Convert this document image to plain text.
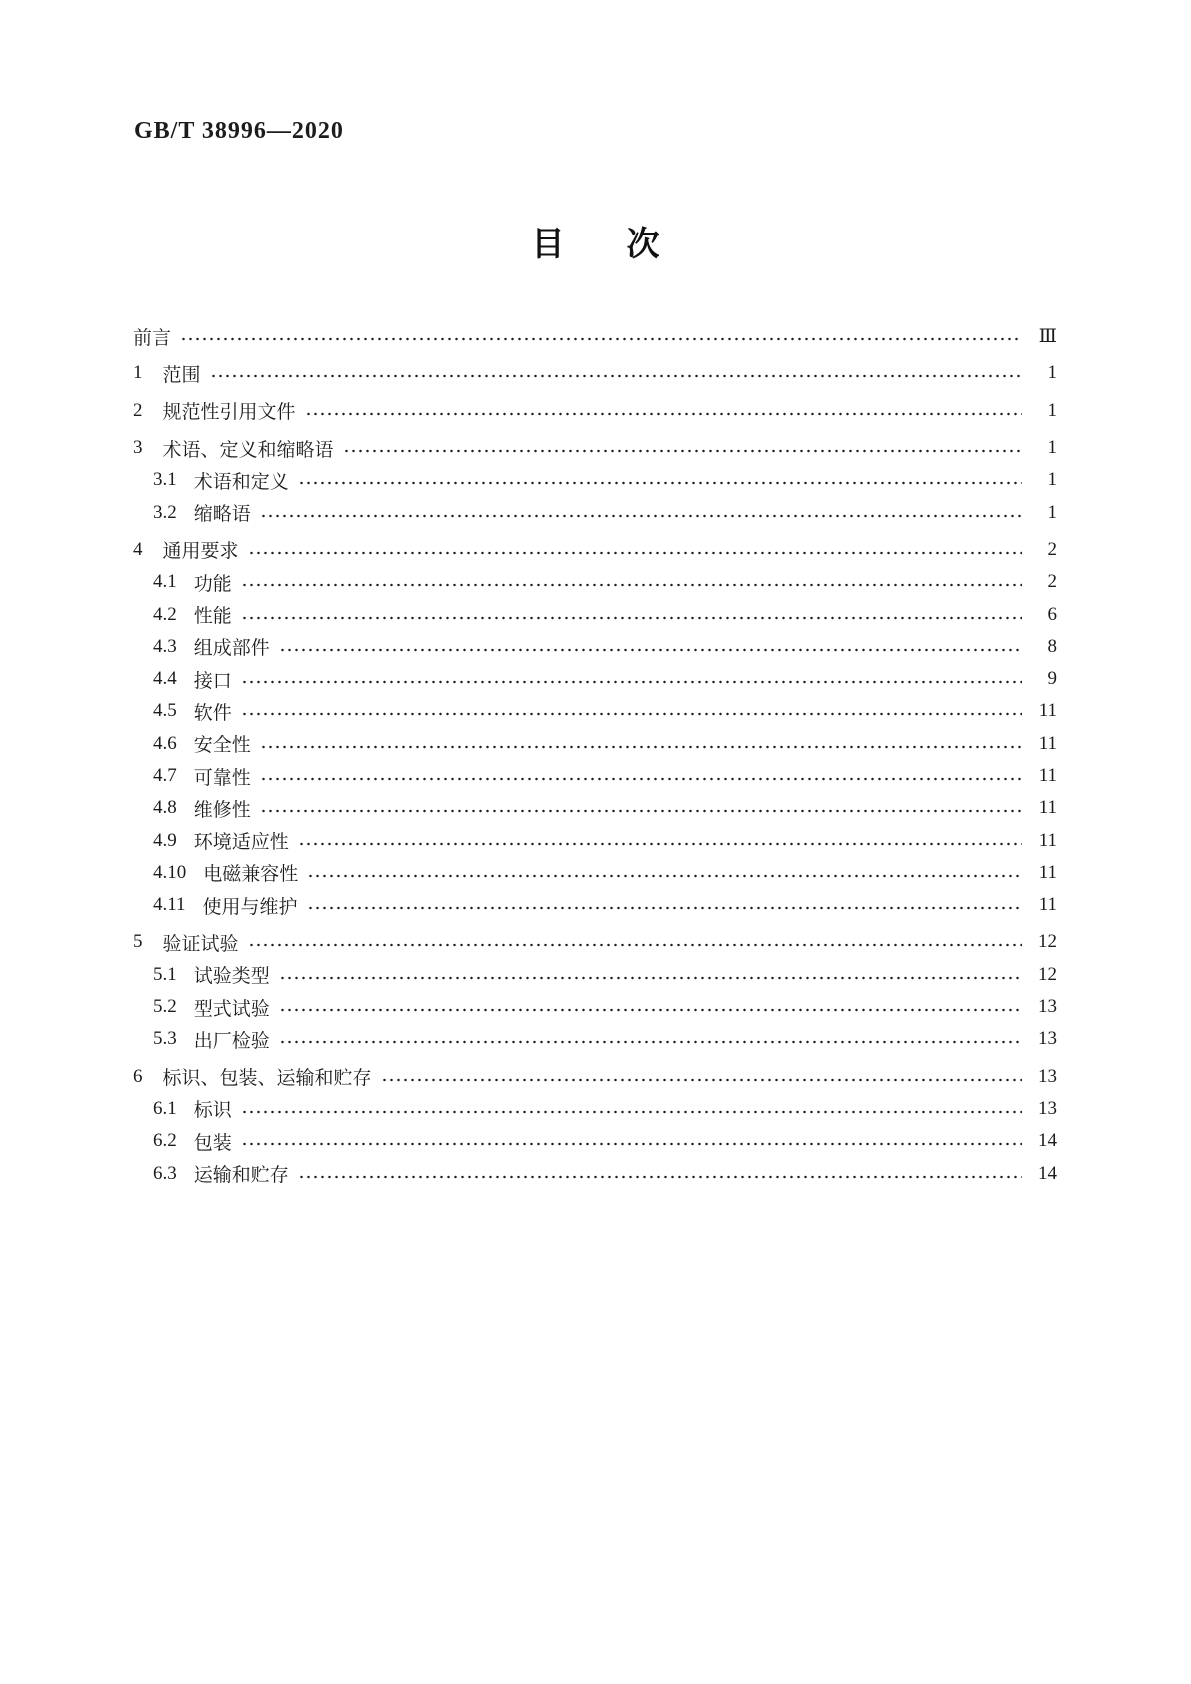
GB/T 38996—2020
目 次
前言	Ⅲ
1 范围	1
2 规范性引用文件	1
3 术语、定义和缩略语	1
3.1 术语和定义	1
3.2 缩略语	1
4 通用要求	2
4.1 功能	2
4.2 性能	6
4.3 组成部件	8
4.4 接口	9
4.5 软件	11
4.6 安全性	11
4.7 可靠性	11
4.8 维修性	11
4.9 环境适应性	11
4.10 电磁兼容性	11
4.11 使用与维护	11
5 验证试验	12
5.1 试验类型	12
5.2 型式试验	13
5.3 出厂检验	13
6 标识、包装、运输和贮存	13
6.1 标识	13
6.2 包装	14
6.3 运输和贮存	14
